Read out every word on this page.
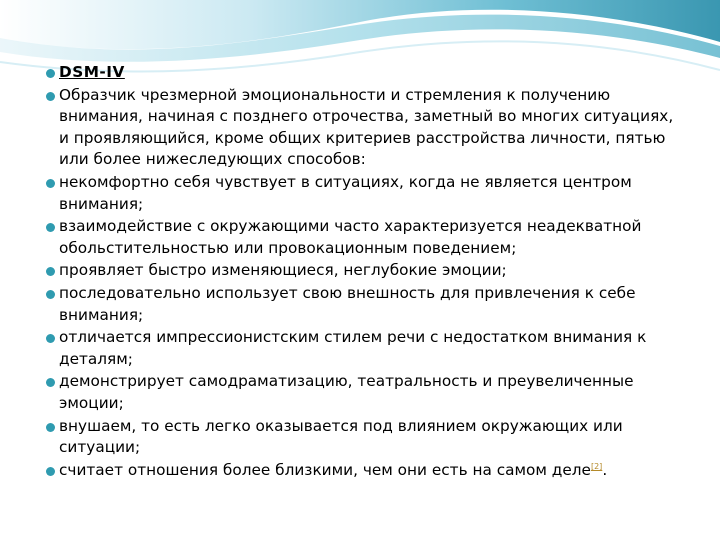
DSM-IV
Образчик чрезмерной эмоциональности и стремления к получению внимания, начиная с позднего отрочества, заметный во многих ситуациях, и проявляющийся, кроме общих критериев расстройства личности, пятью или более нижеследующих способов:
некомфортно себя чувствует в ситуациях, когда не является центром внимания;
взаимодействие с окружающими часто характеризуется неадекватной обольстительностью или провокационным поведением;
проявляет быстро изменяющиеся, неглубокие эмоции;
последовательно использует свою внешность для привлечения к себе внимания;
отличается импрессионистским стилем речи с недостатком внимания к деталям;
демонстрирует самодраматизацию, театральность и преувеличенные эмоции;
внушаем, то есть легко оказывается под влиянием окружающих или ситуации;
считает отношения более близкими, чем они есть на самом деле[2].
